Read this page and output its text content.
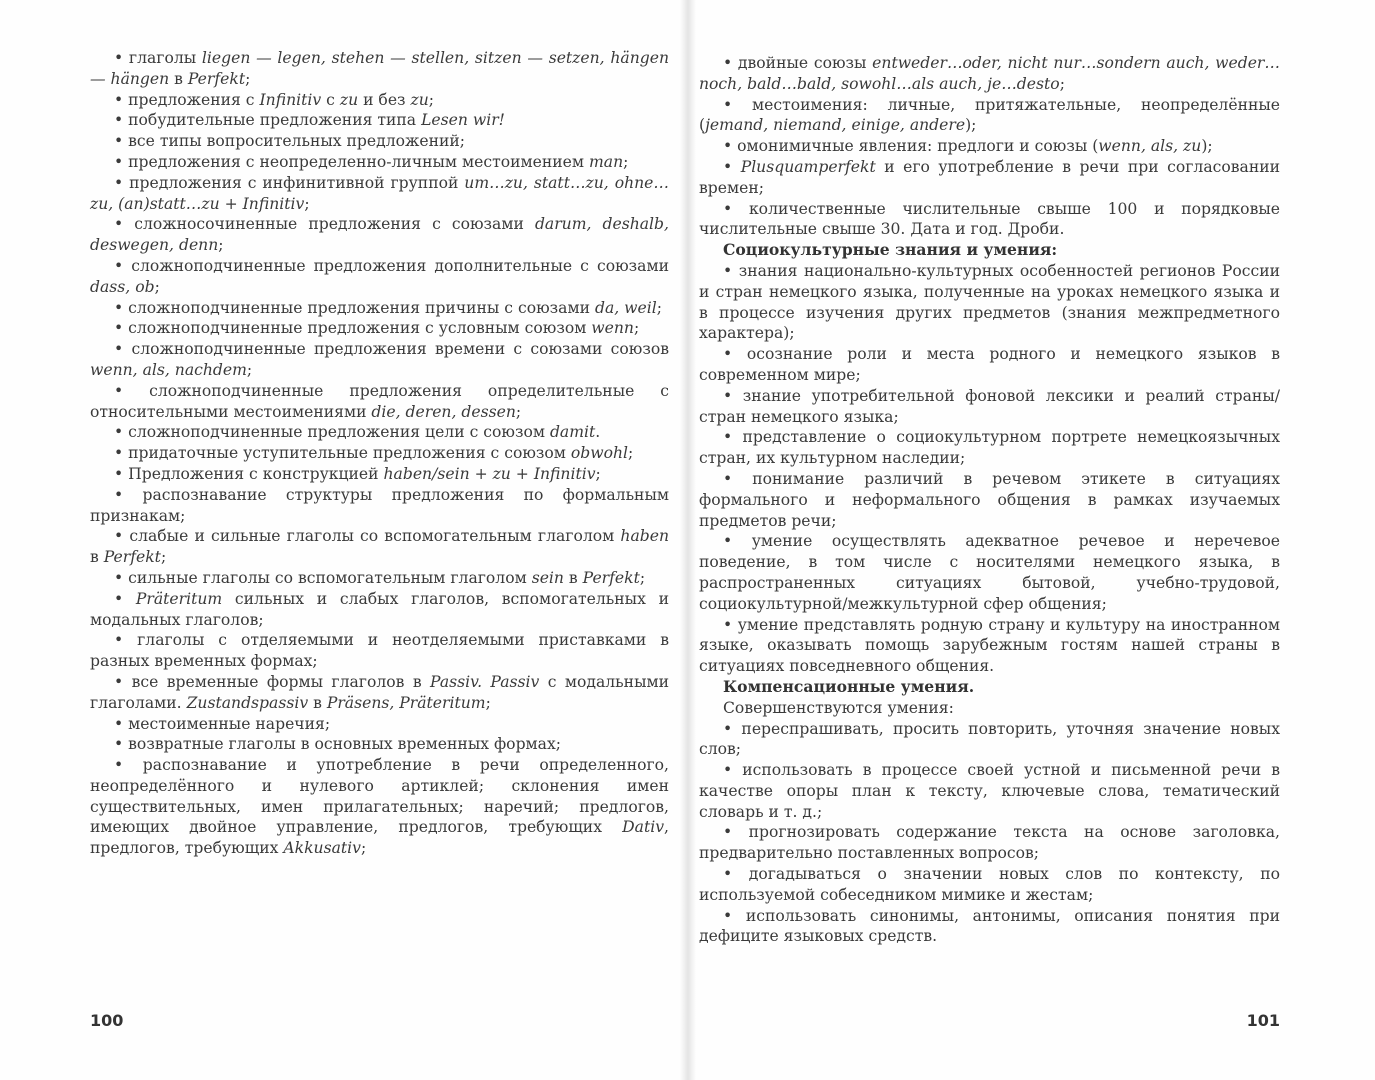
• глаголы liegen — legen, stehen — stellen, sitzen — setzen, hängen — hängen в Perfekt;

• предложения с Infinitiv с zu и без zu;

• побудительные предложения типа Lesen wir!

• все типы вопросительных предложений;

• предложения с неопределенно-личным местоимением man;

• предложения с инфинитивной группой um…zu, statt…zu, ohne…zu, (an)statt…zu + Infinitiv;

• сложносочиненные предложения с союзами darum, deshalb, deswegen, denn;

• сложноподчиненные предложения дополнительные с союзами dass, ob;

• сложноподчиненные предложения причины с союзами da, weil;

• сложноподчиненные предложения с условным союзом wenn;

• сложноподчиненные предложения времени с союзами союзов wenn, als, nachdem;

• сложноподчиненные предложения определительные с относительными местоимениями die, deren, dessen;

• сложноподчиненные предложения цели с союзом damit.

• придаточные уступительные предложения с союзом obwohl;

• Предложения с конструкцией haben/sein + zu + Infinitiv;

• распознавание структуры предложения по формальным признакам;

• слабые и сильные глаголы со вспомогательным глаголом haben в Perfekt;

• сильные глаголы со вспомогательным глаголом sein в Perfekt;

• Präteritum сильных и слабых глаголов, вспомогательных и модальных глаголов;

• глаголы с отделяемыми и неотделяемыми приставками в разных временных формах;

• все временные формы глаголов в Passiv. Passiv с модальными глаголами. Zustandspassiv в Präsens, Präteritum;

• местоименные наречия;

• возвратные глаголы в основных временных формах;

• распознавание и употребление в речи определенного, неопределённого и нулевого артиклей; склонения имен существительных, имен прилагательных; наречий; предлогов, имеющих двойное управление, предлогов, требующих Dativ, предлогов, требующих Akkusativ;

100

• двойные союзы entweder…oder, nicht nur…sondern auch, weder…noch, bald…bald, sowohl…als auch, je…desto;

• местоимения: личные, притяжательные, неопределённые (jemand, niemand, einige, andere);

• омонимичные явления: предлоги и союзы (wenn, als, zu);

• Plusquamperfekt и его употребление в речи при согласовании времен;

• количественные числительные свыше 100 и порядковые числительные свыше 30. Дата и год. Дроби.

Социокультурные знания и умения:

• знания национально-культурных особенностей регионов России и стран немецкого языка, полученные на уроках немецкого языка и в процессе изучения других предметов (знания межпредметного характера);

• осознание роли и места родного и немецкого языков в современном мире;

• знание употребительной фоновой лексики и реалий страны/стран немецкого языка;

• представление о социокультурном портрете немецкоязычных стран, их культурном наследии;

• понимание различий в речевом этикете в ситуациях формального и неформального общения в рамках изучаемых предметов речи;

• умение осуществлять адекватное речевое и неречевое поведение, в том числе с носителями немецкого языка, в распространенных ситуациях бытовой, учебно-трудовой, социокультурной/межкультурной сфер общения;

• умение представлять родную страну и культуру на иностранном языке, оказывать помощь зарубежным гостям нашей страны в ситуациях повседневного общения.

Компенсационные умения.

Совершенствуются умения:

• переспрашивать, просить повторить, уточняя значение новых слов;

• использовать в процессе своей устной и письменной речи в качестве опоры план к тексту, ключевые слова, тематический словарь и т. д.;

• прогнозировать содержание текста на основе заголовка, предварительно поставленных вопросов;

• догадываться о значении новых слов по контексту, по используемой собеседником мимике и жестам;

• использовать синонимы, антонимы, описания понятия при дефиците языковых средств.

101
